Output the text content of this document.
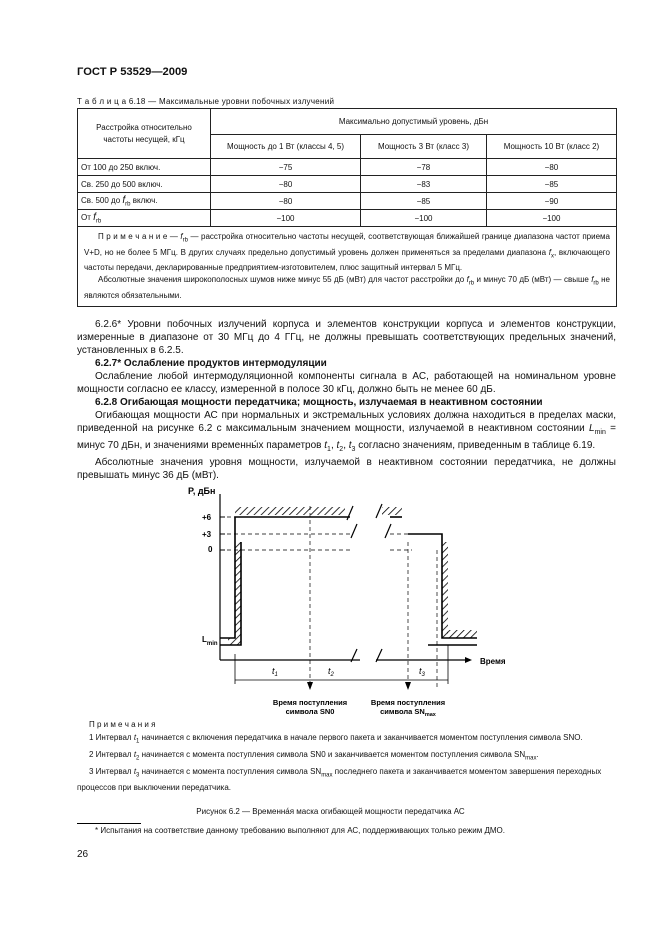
ГОСТ Р 53529—2009
Т а б л и ц а 6.18 — Максимальные уровни побочных излучений
Расстройка относительно частоты несущей, кГц	Максимально допустимый уровень, дБн		
	Мощность до 1 Вт (классы 4, 5)	Мощность 3 Вт (класс 3)	Мощность 10 Вт (класс 2)
От 100 до 250 включ.	−75	−78	−80
Св. 250 до 500 включ.	−80	−83	−85
Св. 500 до $f_{rb}$ включ.	−80	−85	−90
От $f_{rb}$	−100	−100	−100

П р и м е ч а н и е — $f_{rb}$ — расстройка относительно частоты несущей, соответствующая ближайшей границе диапазона частот приема V+D, но не более 5 МГц. В других случаях предельно допустимый уровень должен применяться за пределами диапазона $f_x$, включающего частоты передачи, декларированные предприятием-изготовителем, плюс защитный интервал 5 МГц.

Абсолютные значения широкополосных шумов ниже минус 55 дБ (мВт) для частот расстройки до $f_{rb}$ и минус 70 дБ (мВт) — свыше $f_{rb}$ не являются обязательными.			

6.2.6* Уровни побочных излучений корпуса и элементов конструкции корпуса и элементов конструкции, измеренные в диапазоне от 30 МГц до 4 ГГц, не должны превышать соответствующих предельных значений, установленных в 6.2.5.

6.2.7* Ослабление продуктов интермодуляции

Ослабление любой интермодуляционной компоненты сигнала в АС, работающей на номинальном уровне мощности согласно ее классу, измеренной в полосе 30 кГц, должно быть не менее 60 дБ.

6.2.8 Огибающая мощности передатчика; мощность, излучаемая в неактивном состоянии

Огибающая мощности АС при нормальных и экстремальных условиях должна находиться в пределах маски, приведенной на рисунке 6.2 с максимальным значением мощности, излучаемой в неактивном состоянии $L_{min}$ = минус 70 дБн, и значениями временны́х параметров $t_1$, $t_2$, $t_3$ согласно значениям, приведенным в таблице 6.19.

Абсолютные значения уровня мощности, излучаемой в неактивном состоянии передатчика, не должны превышать минус 36 дБ (мВт).

P, дБн
+6
+3
0
$L_{min}$
Время
$t_1$	$t_2$	$t_3$
Время поступления
символа SN0
Время поступления
символа $SN_{max}$

П р и м е ч а н и я

1 Интервал $t_1$ начинается с включения передатчика в начале первого пакета и заканчивается моментом поступления символа SNO.

2 Интервал $t_2$ начинается с момента поступления символа SN0 и заканчивается моментом поступления символа $SN_{max}$.

3 Интервал $t_3$ начинается с момента поступления символа $SN_{max}$ последнего пакета и заканчивается моментом завершения переходных процессов при выключении передатчика.

Рисунок 6.2 — Временна́я маска огибающей мощности передатчика АС
* Испытания на соответствие данному требованию выполняют для АС, поддерживающих только режим ДМО.
26
